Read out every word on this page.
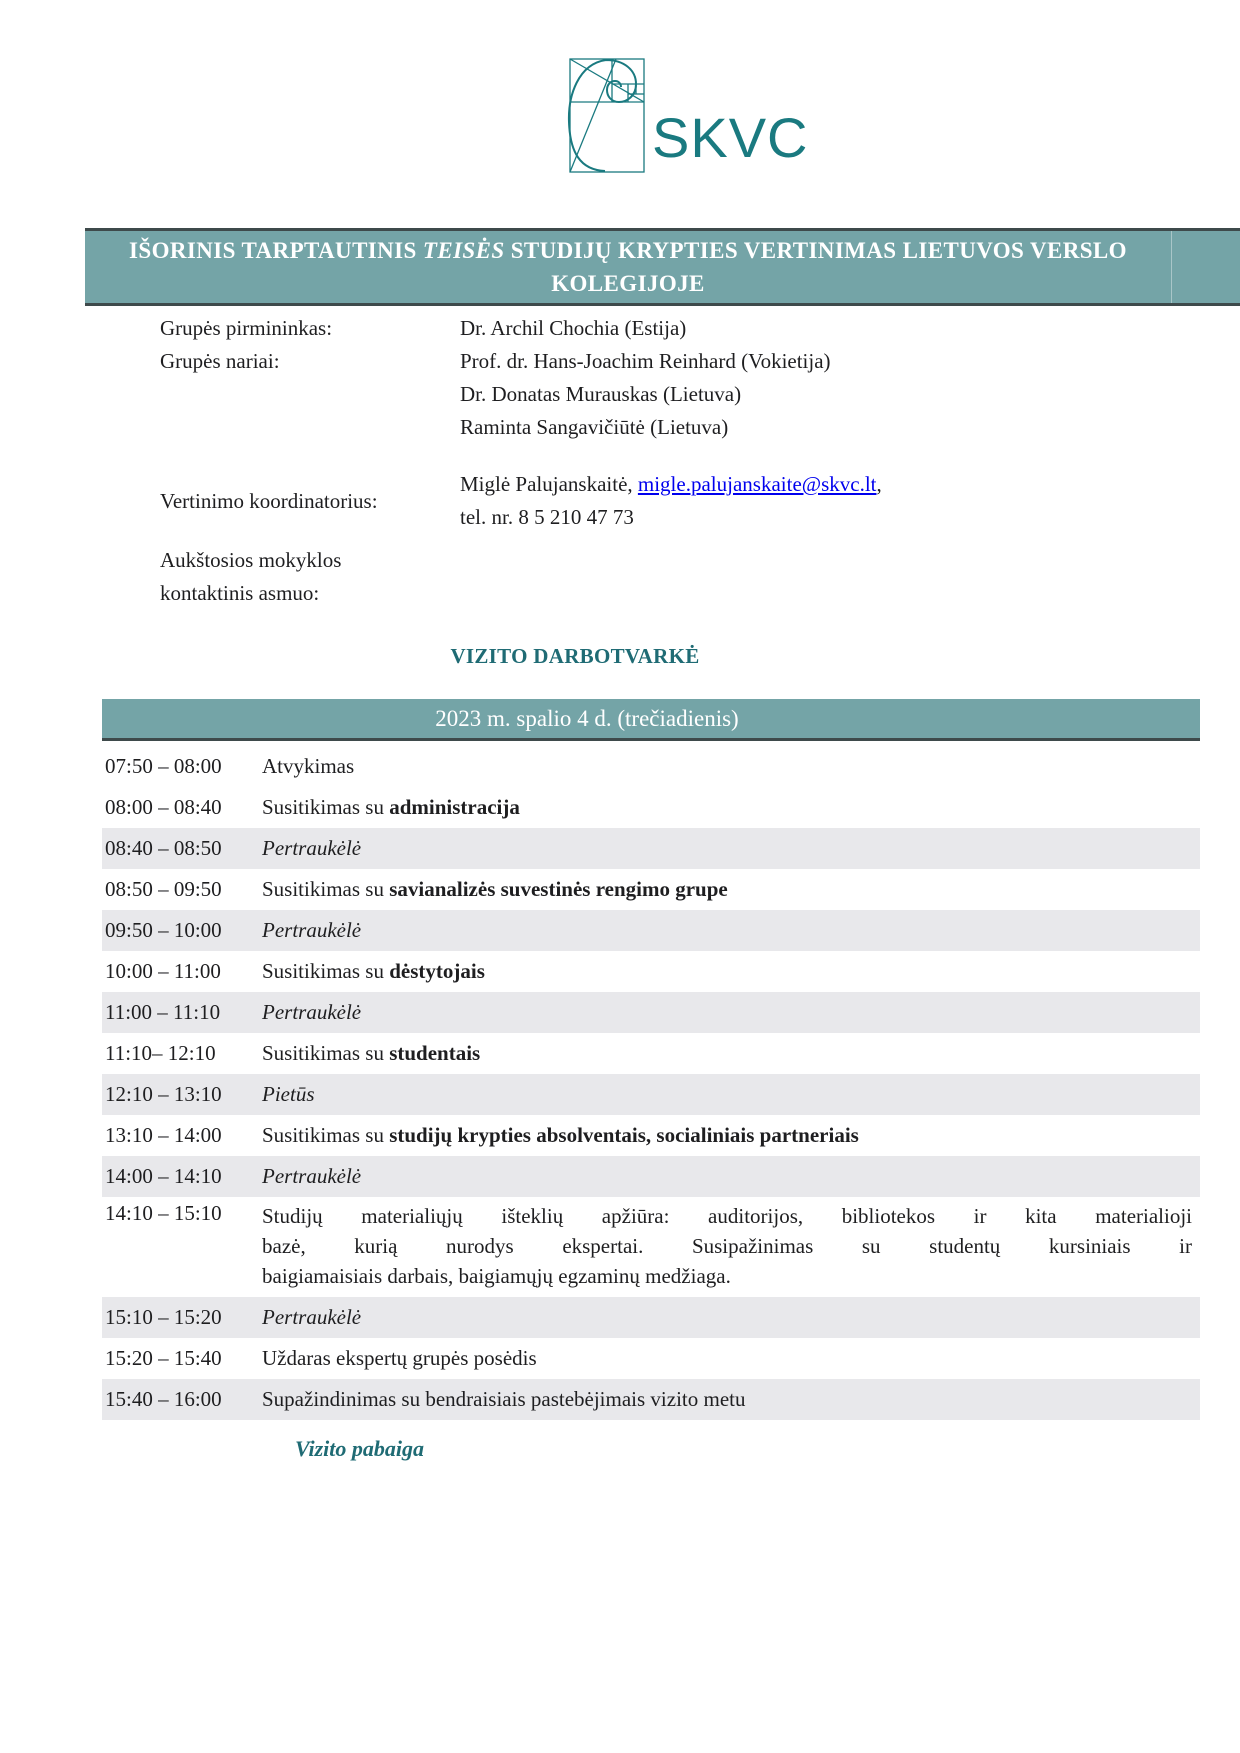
SKVC
IŠORINIS TARPTAUTINIS TEISĖS STUDIJŲ KRYPTIES VERTINIMAS LIETUVOS VERSLO
KOLEGIJOJE
Grupės pirmininkas:	Dr. Archil Chochia (Estija)
Grupės nariai:	Prof. dr. Hans-Joachim Reinhard (Vokietija)
Dr. Donatas Murauskas (Lietuva)
Raminta Sangavičiūtė (Lietuva)
Vertinimo koordinatorius:
Miglė Palujanskaitė, migle.palujanskaite@skvc.lt,
tel. nr. 8 5 210 47 73
Aukštosios mokyklos kontaktinis asmuo:
VIZITO DARBOTVARKĖ
2023 m. spalio 4 d. (trečiadienis)
07:50 – 08:00	Atvykimas
08:00 – 08:40	Susitikimas su administracija
08:40 – 08:50	Pertraukėlė
08:50 – 09:50	Susitikimas su savianalizės suvestinės rengimo grupe
09:50 – 10:00	Pertraukėlė
10:00 – 11:00	Susitikimas su dėstytojais
11:00 – 11:10	Pertraukėlė
11:10– 12:10	Susitikimas su studentais
12:10 – 13:10	Pietūs
13:10 – 14:00	Susitikimas su studijų krypties absolventais, socialiniais partneriais
14:00 – 14:10	Pertraukėlė
14:10 – 15:10	Studijų materialiųjų išteklių apžiūra: auditorijos, bibliotekos ir kita materialioji
bazė, kurią nurodys ekspertai. Susipažinimas su studentų kursiniais ir
baigiamaisiais darbais, baigiamųjų egzaminų medžiaga.
15:10 – 15:20	Pertraukėlė
15:20 – 15:40	Uždaras ekspertų grupės posėdis
15:40 – 16:00	Supažindinimas su bendraisiais pastebėjimais vizito metu
Vizito pabaiga
